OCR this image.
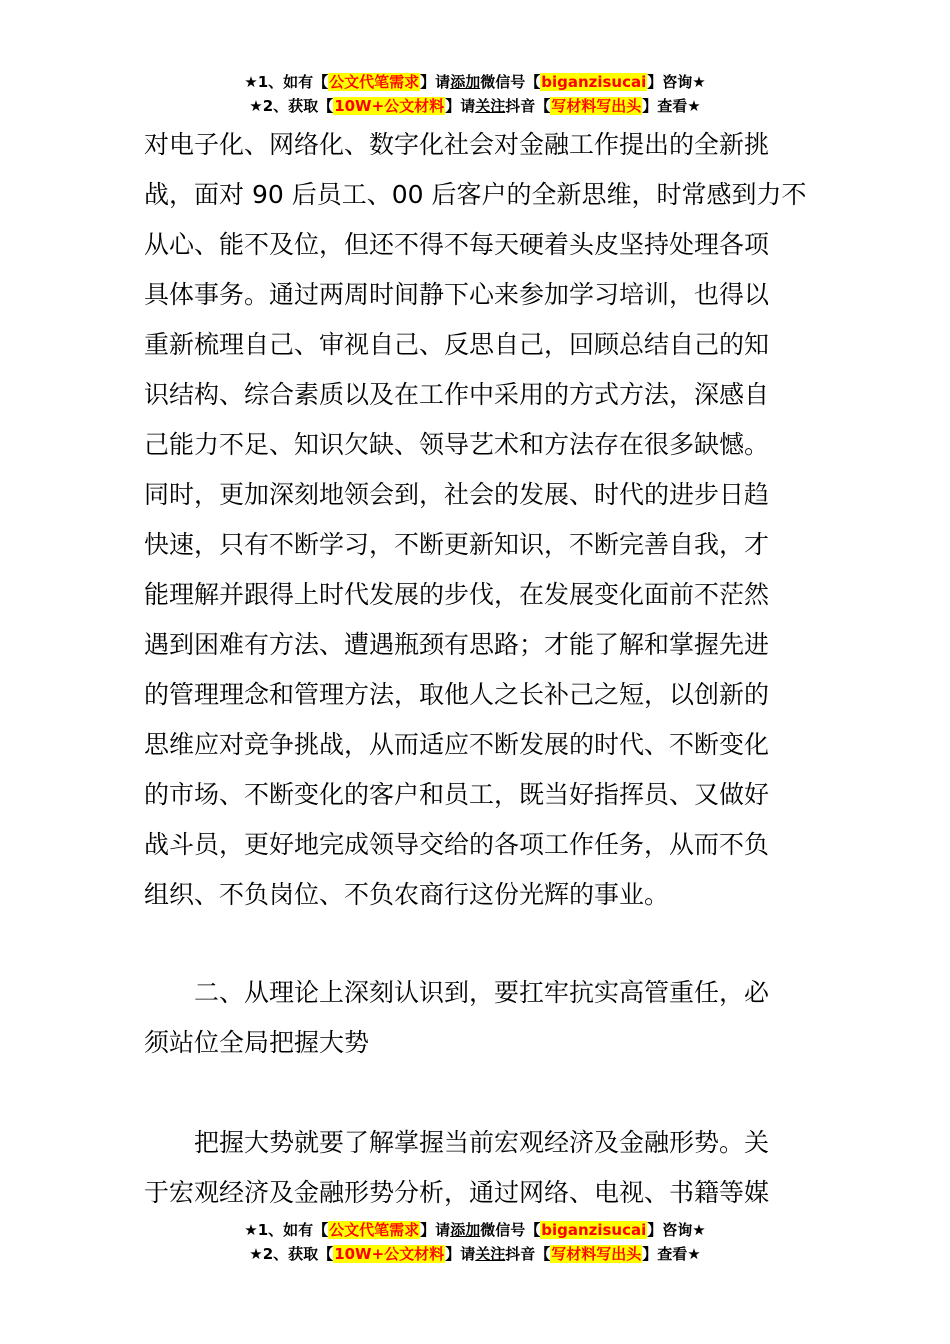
★1、如有【公文代笔需求】请添加微信号【biganzisucai】咨询★
★2、获取【10W+公文材料】请关注抖音【写材料写出头】查看★
对电子化、网络化、数字化社会对金融工作提出的全新挑
战，面对 90 后员工、00 后客户的全新思维，时常感到力不
从心、能不及位，但还不得不每天硬着头皮坚持处理各项
具体事务。通过两周时间静下心来参加学习培训，也得以
重新梳理自己、审视自己、反思自己，回顾总结自己的知
识结构、综合素质以及在工作中采用的方式方法，深感自
己能力不足、知识欠缺、领导艺术和方法存在很多缺憾。
同时，更加深刻地领会到，社会的发展、时代的进步日趋
快速，只有不断学习，不断更新知识，不断完善自我，才
能理解并跟得上时代发展的步伐，在发展变化面前不茫然
遇到困难有方法、遭遇瓶颈有思路；才能了解和掌握先进
的管理理念和管理方法，取他人之长补己之短，以创新的
思维应对竞争挑战，从而适应不断发展的时代、不断变化
的市场、不断变化的客户和员工，既当好指挥员、又做好
战斗员，更好地完成领导交给的各项工作任务，从而不负
组织、不负岗位、不负农商行这份光辉的事业。
二、从理论上深刻认识到，要扛牢抗实高管重任，必
须站位全局把握大势
把握大势就要了解掌握当前宏观经济及金融形势。关
于宏观经济及金融形势分析，通过网络、电视、书籍等媒
★1、如有【公文代笔需求】请添加微信号【biganzisucai】咨询★
★2、获取【10W+公文材料】请关注抖音【写材料写出头】查看★
